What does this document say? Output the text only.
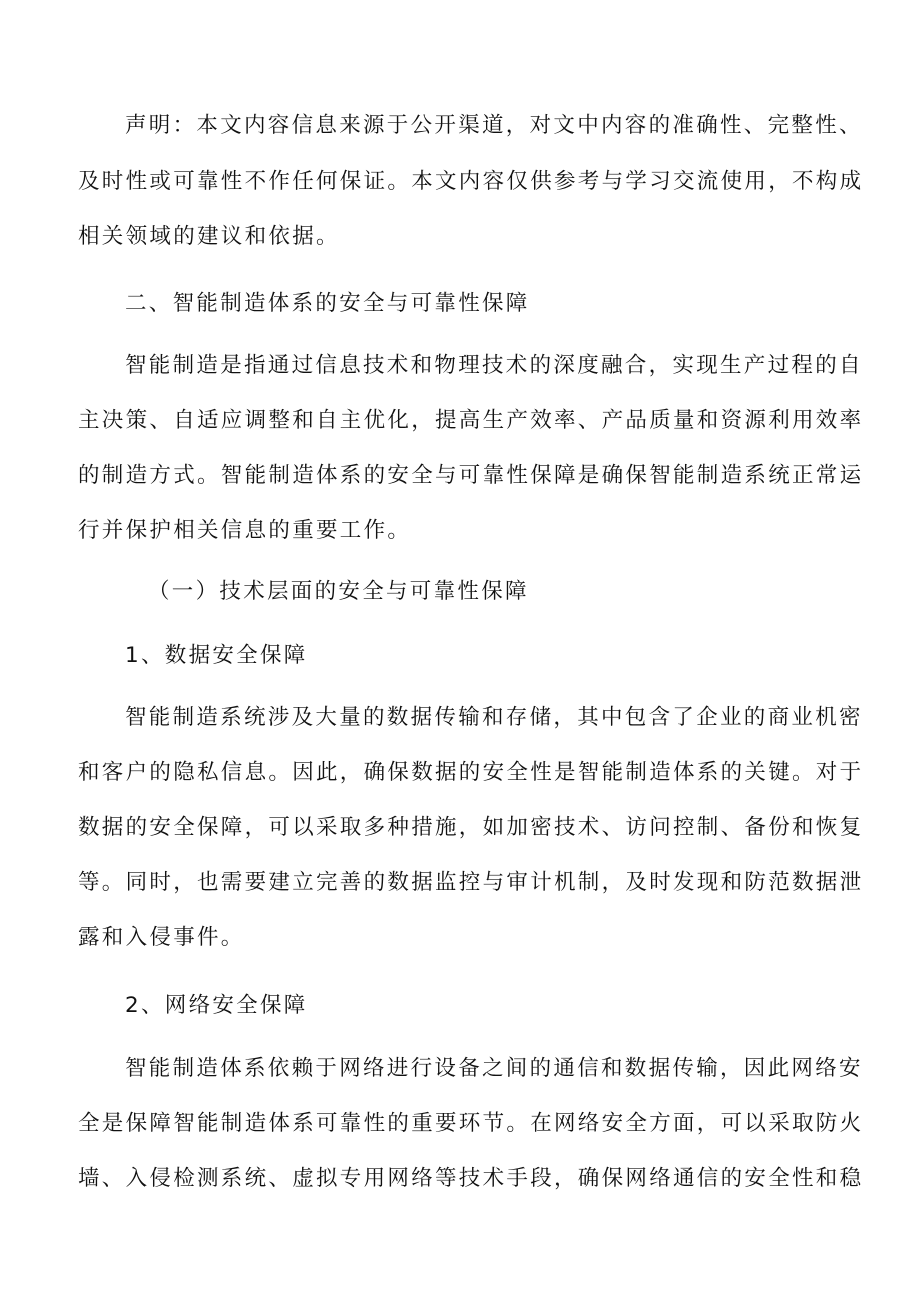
声明：本文内容信息来源于公开渠道，对文中内容的准确性、完整性、

及时性或可靠性不作任何保证。本文内容仅供参考与学习交流使用，不构成

相关领域的建议和依据。

二、智能制造体系的安全与可靠性保障

智能制造是指通过信息技术和物理技术的深度融合，实现生产过程的自

主决策、自适应调整和自主优化，提高生产效率、产品质量和资源利用效率

的制造方式。智能制造体系的安全与可靠性保障是确保智能制造系统正常运

行并保护相关信息的重要工作。

（一）技术层面的安全与可靠性保障

1、数据安全保障

智能制造系统涉及大量的数据传输和存储，其中包含了企业的商业机密

和客户的隐私信息。因此，确保数据的安全性是智能制造体系的关键。对于

数据的安全保障，可以采取多种措施，如加密技术、访问控制、备份和恢复

等。同时，也需要建立完善的数据监控与审计机制，及时发现和防范数据泄

露和入侵事件。

2、网络安全保障

智能制造体系依赖于网络进行设备之间的通信和数据传输，因此网络安

全是保障智能制造体系可靠性的重要环节。在网络安全方面，可以采取防火

墙、入侵检测系统、虚拟专用网络等技术手段，确保网络通信的安全性和稳
